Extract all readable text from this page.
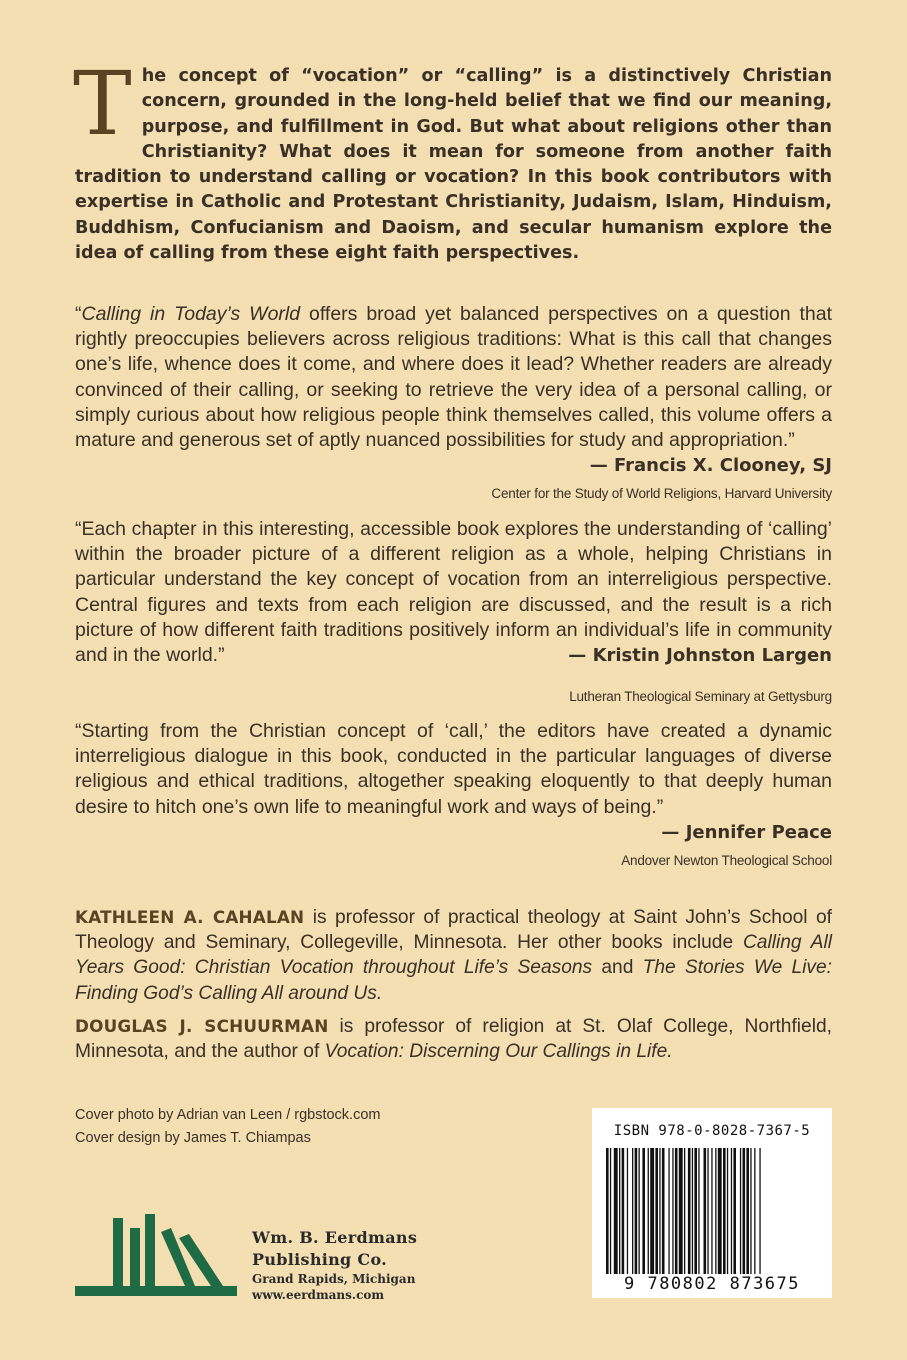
The concept of “vocation” or “calling” is a distinctively Christian concern, grounded in the long-held belief that we find our meaning, purpose, and fulfillment in God. But what about religions other than Christianity? What does it mean for someone from another faith tradition to understand calling or vocation? In this book contributors with expertise in Catholic and Protestant Christianity, Judaism, Islam, Hinduism, Buddhism, Confucianism and Daoism, and secular humanism explore the idea of calling from these eight faith perspectives.
“Calling in Today’s World offers broad yet balanced perspectives on a question that rightly preoccupies believers across religious traditions: What is this call that changes one’s life, whence does it come, and where does it lead? Whether readers are already convinced of their calling, or seeking to retrieve the very idea of a personal calling, or simply curious about how religious people think themselves called, this volume offers a mature and generous set of aptly nuanced possibilities for study and appropriation.”
— Francis X. Clooney, SJ
Center for the Study of World Religions, Harvard University
“Each chapter in this interesting, accessible book explores the understanding of ‘calling’ within the broader picture of a different religion as a whole, helping Christians in particular understand the key concept of vocation from an interreligious perspective. Central figures and texts from each religion are discussed, and the result is a rich picture of how different faith traditions positively inform an individual’s life in community and in the world.”	— Kristin Johnston Largen
Lutheran Theological Seminary at Gettysburg
“Starting from the Christian concept of ‘call,’ the editors have created a dynamic interreligious dialogue in this book, conducted in the particular languages of diverse religious and ethical traditions, altogether speaking eloquently to that deeply human desire to hitch one’s own life to meaningful work and ways of being.”
— Jennifer Peace
Andover Newton Theological School
KATHLEEN A. CAHALAN is professor of practical theology at Saint John’s School of Theology and Seminary, Collegeville, Minnesota. Her other books include Calling All Years Good: Christian Vocation throughout Life’s Seasons and The Stories We Live: Finding God’s Calling All around Us.
DOUGLAS J. SCHUURMAN is professor of religion at St. Olaf College, Northfield, Minnesota, and the author of Vocation: Discerning Our Callings in Life.
Cover photo by Adrian van Leen / rgbstock.com
Cover design by James T. Chiampas
Wm. B. Eerdmans
Publishing Co.
Grand Rapids, Michigan
www.eerdmans.com
ISBN 978-0-8028-7367-5
9 780802 873675
